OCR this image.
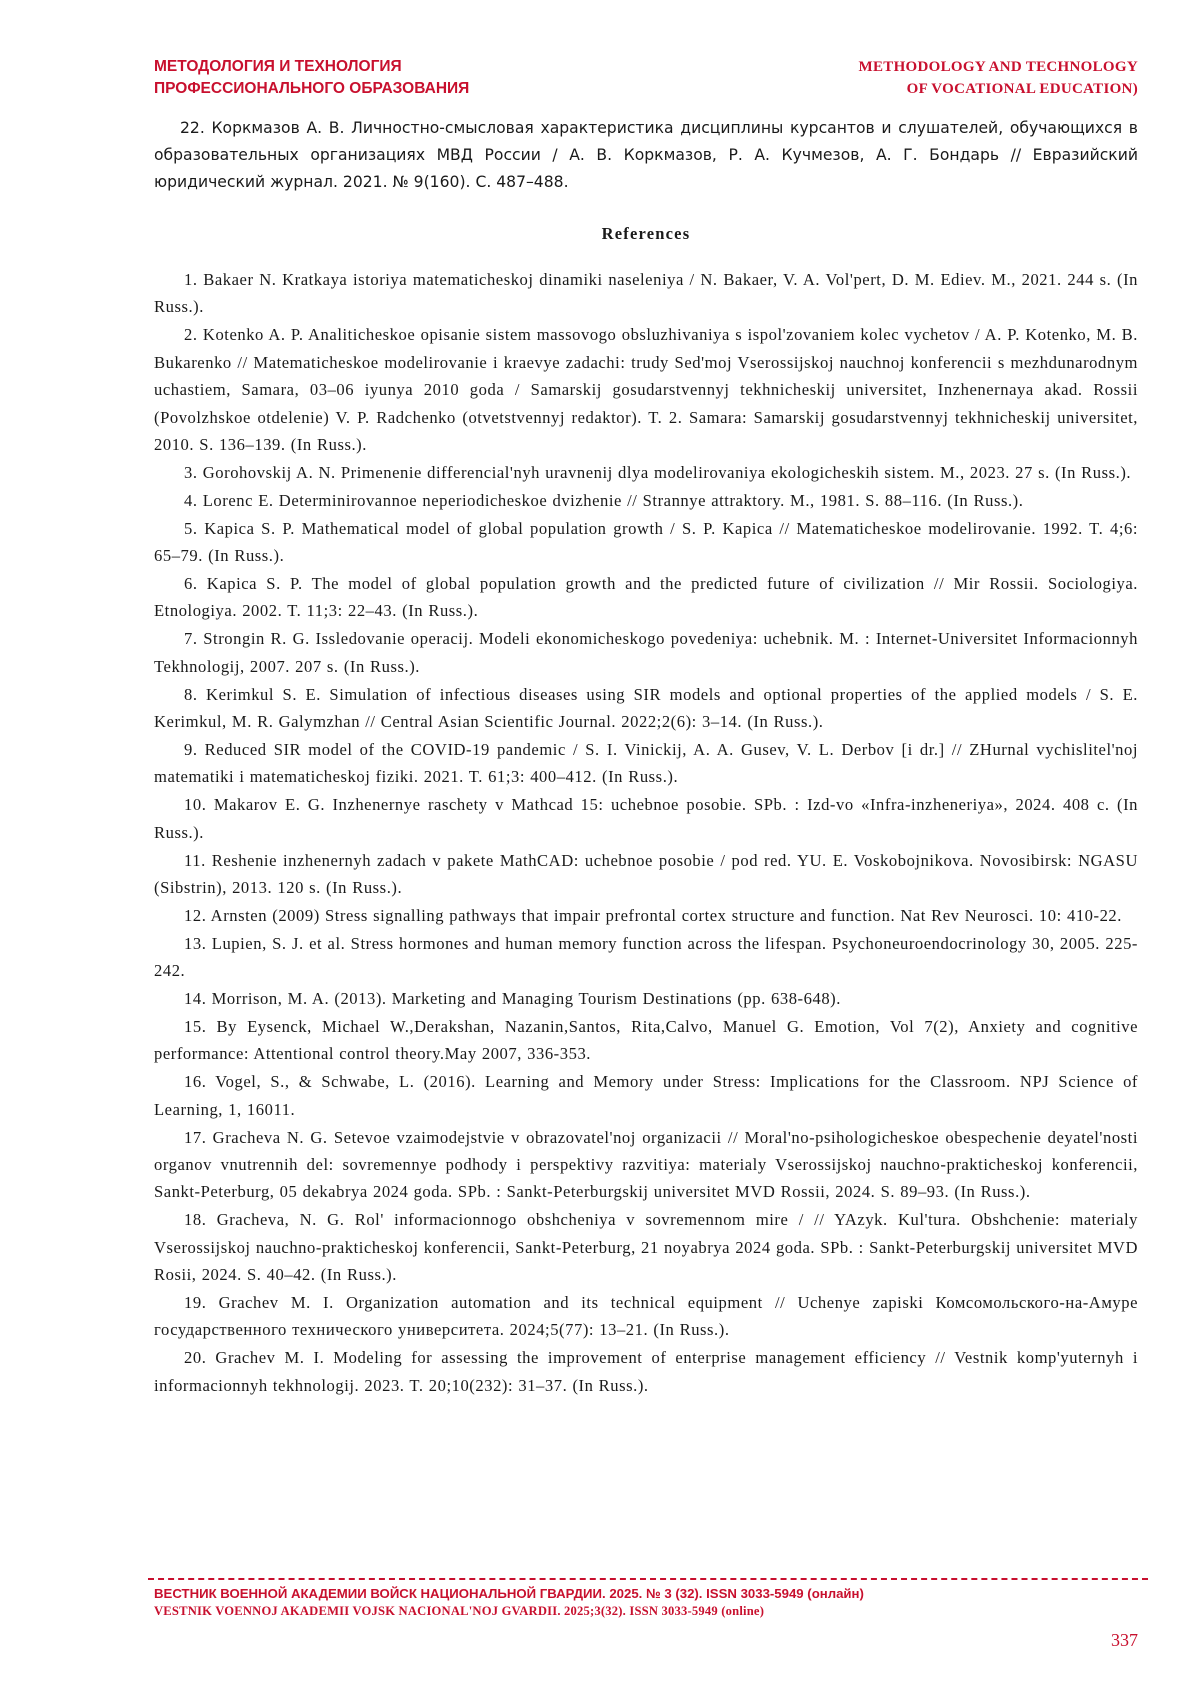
МЕТОДОЛОГИЯ И ТЕХНОЛОГИЯ
ПРОФЕССИОНАЛЬНОГО ОБРАЗОВАНИЯ
METHODOLOGY AND TECHNOLOGY
OF VOCATIONAL EDUCATION)

22. Коркмазов А. В. Личностно-смысловая характеристика дисциплины курсантов и слушателей, обучающихся в образовательных организациях МВД России / А. В. Коркмазов, Р. А. Кучмезов, А. Г. Бондарь // Евразийский юридический журнал. 2021. № 9(160). С. 487–488.

References
1. Bakaer N. Kratkaya istoriya matematicheskoj dinamiki naseleniya / N. Bakaer, V. A. Vol'pert, D. M. Ediev. M., 2021. 244 s. (In Russ.).
2. Kotenko A. P. Analiticheskoe opisanie sistem massovogo obsluzhivaniya s ispol'zovaniem kolec vychetov / A. P. Kotenko, M. B. Bukarenko // Matematicheskoe modelirovanie i kraevye zadachi: trudy Sed'moj Vserossijskoj nauchnoj konferencii s mezhdunarodnym uchastiem, Samara, 03–06 iyunya 2010 goda / Samarskij gosudarstvennyj tekhnicheskij universitet, Inzhenernaya akad. Rossii (Povolzhskoe otdelenie) V. P. Radchenko (otvetstvennyj redaktor). T. 2. Samara: Samarskij gosudarstvennyj tekhnicheskij universitet, 2010. S. 136–139. (In Russ.).
3. Gorohovskij A. N. Primenenie differencial'nyh uravnenij dlya modelirovaniya ekologicheskih sistem. M., 2023. 27 s. (In Russ.).
4. Lorenc E. Determinirovannoe neperiodicheskoe dvizhenie // Strannye attraktory. M., 1981. S. 88–116. (In Russ.).
5. Kapica S. P. Mathematical model of global population growth / S. P. Kapica // Matematicheskoe modelirovanie. 1992. T. 4;6: 65–79. (In Russ.).
6. Kapica S. P. The model of global population growth and the predicted future of civilization // Mir Rossii. Sociologiya. Etnologiya. 2002. T. 11;3: 22–43. (In Russ.).
7. Strongin R. G. Issledovanie operacij. Modeli ekonomicheskogo povedeniya: uchebnik. M. : Internet-Universitet Informacionnyh Tekhnologij, 2007. 207 s. (In Russ.).
8. Kerimkul S. E. Simulation of infectious diseases using SIR models and optional properties of the applied models / S. E. Kerimkul, M. R. Galymzhan // Central Asian Scientific Journal. 2022;2(6): 3–14. (In Russ.).
9. Reduced SIR model of the COVID-19 pandemic / S. I. Vinickij, A. A. Gusev, V. L. Derbov [i dr.] // ZHurnal vychislitel'noj matematiki i matematicheskoj fiziki. 2021. T. 61;3: 400–412. (In Russ.).
10. Makarov E. G. Inzhenernye raschety v Mathcad 15: uchebnoe posobie. SPb. : Izd-vo «Infra-inzheneriya», 2024. 408 c. (In Russ.).
11. Reshenie inzhenernyh zadach v pakete MathCAD: uchebnoe posobie / pod red. YU. E. Voskobojnikova. Novosibirsk: NGASU (Sibstrin), 2013. 120 s. (In Russ.).
12. Arnsten (2009) Stress signalling pathways that impair prefrontal cortex structure and function. Nat Rev Neurosci. 10: 410-22.
13. Lupien, S. J. et al. Stress hormones and human memory function across the lifespan. Psychoneuroendocrinology 30, 2005. 225-242.
14. Morrison, M. A. (2013). Marketing and Managing Tourism Destinations (pp. 638-648).
15. By Eysenck, Michael W.,Derakshan, Nazanin,Santos, Rita,Calvo, Manuel G. Emotion, Vol 7(2), Anxiety and cognitive performance: Attentional control theory.May 2007, 336-353.
16. Vogel, S., & Schwabe, L. (2016). Learning and Memory under Stress: Implications for the Classroom. NPJ Science of Learning, 1, 16011.
17. Gracheva N. G. Setevoe vzaimodejstvie v obrazovatel'noj organizacii // Moral'no-psihologicheskoe obespechenie deyatel'nosti organov vnutrennih del: sovremennye podhody i perspektivy razvitiya: materialy Vserossijskoj nauchno-prakticheskoj konferencii, Sankt-Peterburg, 05 dekabrya 2024 goda. SPb. : Sankt-Peterburgskij universitet MVD Rossii, 2024. S. 89–93. (In Russ.).
18. Gracheva, N. G. Rol' informacionnogo obshcheniya v sovremennom mire / // YAzyk. Kul'tura. Obshchenie: materialy Vserossijskoj nauchno-prakticheskoj konferencii, Sankt-Peterburg, 21 noyabrya 2024 goda. SPb. : Sankt-Peterburgskij universitet MVD Rosii, 2024. S. 40–42. (In Russ.).
19. Grachev M. I. Organization automation and its technical equipment // Uchenye zapiski Комсомольского-на-Амуре государственного технического университета. 2024;5(77): 13–21. (In Russ.).
20. Grachev M. I. Modeling for assessing the improvement of enterprise management efficiency // Vestnik komp'yuternyh i informacionnyh tekhnologij. 2023. T. 20;10(232): 31–37. (In Russ.).
ВЕСТНИК ВОЕННОЙ АКАДЕМИИ ВОЙСК НАЦИОНАЛЬНОЙ ГВАРДИИ. 2025. № 3 (32). ISSN 3033-5949 (онлайн)
VESTNIK VOENNOJ AKADEMII VOJSK NACIONAL'NOJ GVARDII. 2025;3(32). ISSN 3033-5949 (online)
337
